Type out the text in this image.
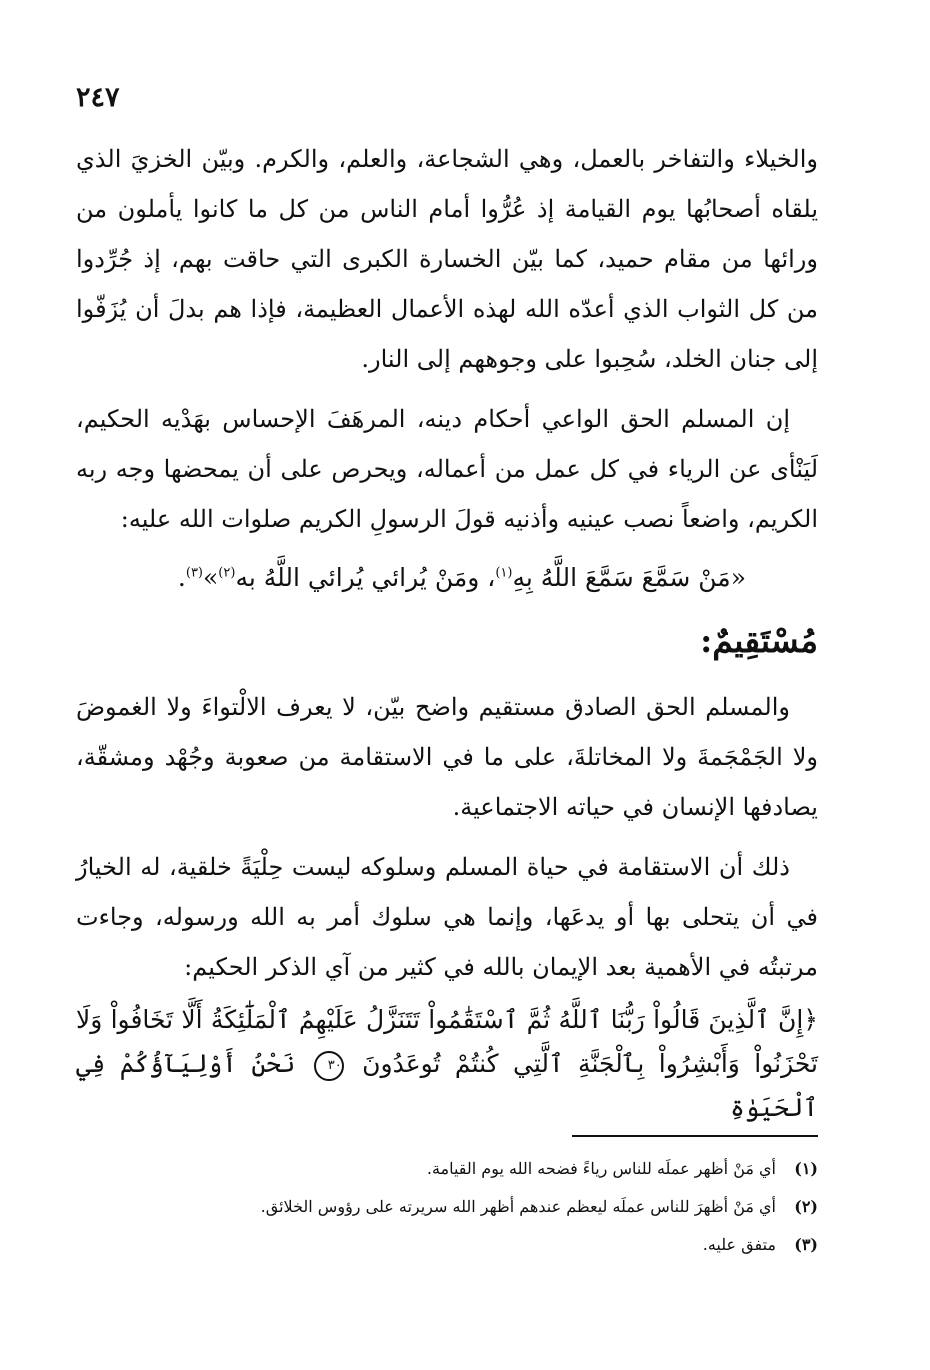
٢٤٧

والخيلاء والتفاخر بالعمل، وهي الشجاعة، والعلم، والكرم. وبيّن الخزيَ الذي يلقاه أصحابُها يوم القيامة إذ عُرُّوا أمام الناس من كل ما كانوا يأملون من ورائها من مقام حميد، كما بيّن الخسارة الكبرى التي حاقت بهم، إذ جُرِّدوا من كل الثواب الذي أعدّه الله لهذه الأعمال العظيمة، فإذا هم بدلَ أن يُزَفّوا إلى جنان الخلد، سُحِبوا على وجوههم إلى النار.

إن المسلم الحق الواعي أحكام دينه، المرهَفَ الإحساس بهَدْيه الحكيم، لَيَنْأى عن الرياء في كل عمل من أعماله، ويحرص على أن يمحضها وجه ربه الكريم، واضعاً نصب عينيه وأذنيه قولَ الرسولِ الكريم صلوات الله عليه:

«مَنْ سَمَّعَ سَمَّعَ اللَّهُ بِهِ$^{(١)}$، ومَنْ يُرائي يُرائي اللَّهُ به$^{(٢)}$»$^{(٣)}$.
مُسْتَقِيمٌ:

والمسلم الحق الصادق مستقيم واضح بيّن، لا يعرف الالْتواءَ ولا الغموضَ ولا الجَمْجَمةَ ولا المخاتلةَ، على ما في الاستقامة من صعوبة وجُهْد ومشقّة، يصادفها الإنسان في حياته الاجتماعية.

ذلك أن الاستقامة في حياة المسلم وسلوكه ليست حِلْيَةً خلقية، له الخيارُ في أن يتحلى بها أو يدعَها، وإنما هي سلوك أمر به الله ورسوله، وجاءت مرتبتُه في الأهمية بعد الإيمان بالله في كثير من آي الذكر الحكيم:

﴿إِنَّ ٱلَّذِينَ قَالُواْ رَبُّنَا ٱللَّهُ ثُمَّ ٱسْتَقَٰمُواْ تَتَنَزَّلُ عَلَيْهِمُ ٱلْمَلَٰٓئِكَةُ أَلَّا تَخَافُواْ وَلَا تَحْزَنُواْ وَأَبْشِرُواْ بِٱلْجَنَّةِ ٱلَّتِي كُنتُمْ تُوعَدُونَ ٣٠ نَحْنُ أَوْلِيَآؤُكُمْ فِي ٱلْحَيَوٰةِ
(١)
أي مَنْ أظهر عملَه للناس رياءً فضحه الله يوم القيامة.
(٢)
أي مَنْ أظهرَ للناس عملَه ليعظم عندهم أظهر الله سريرته على رؤوس الخلائق.
(٣)
متفق عليه.
